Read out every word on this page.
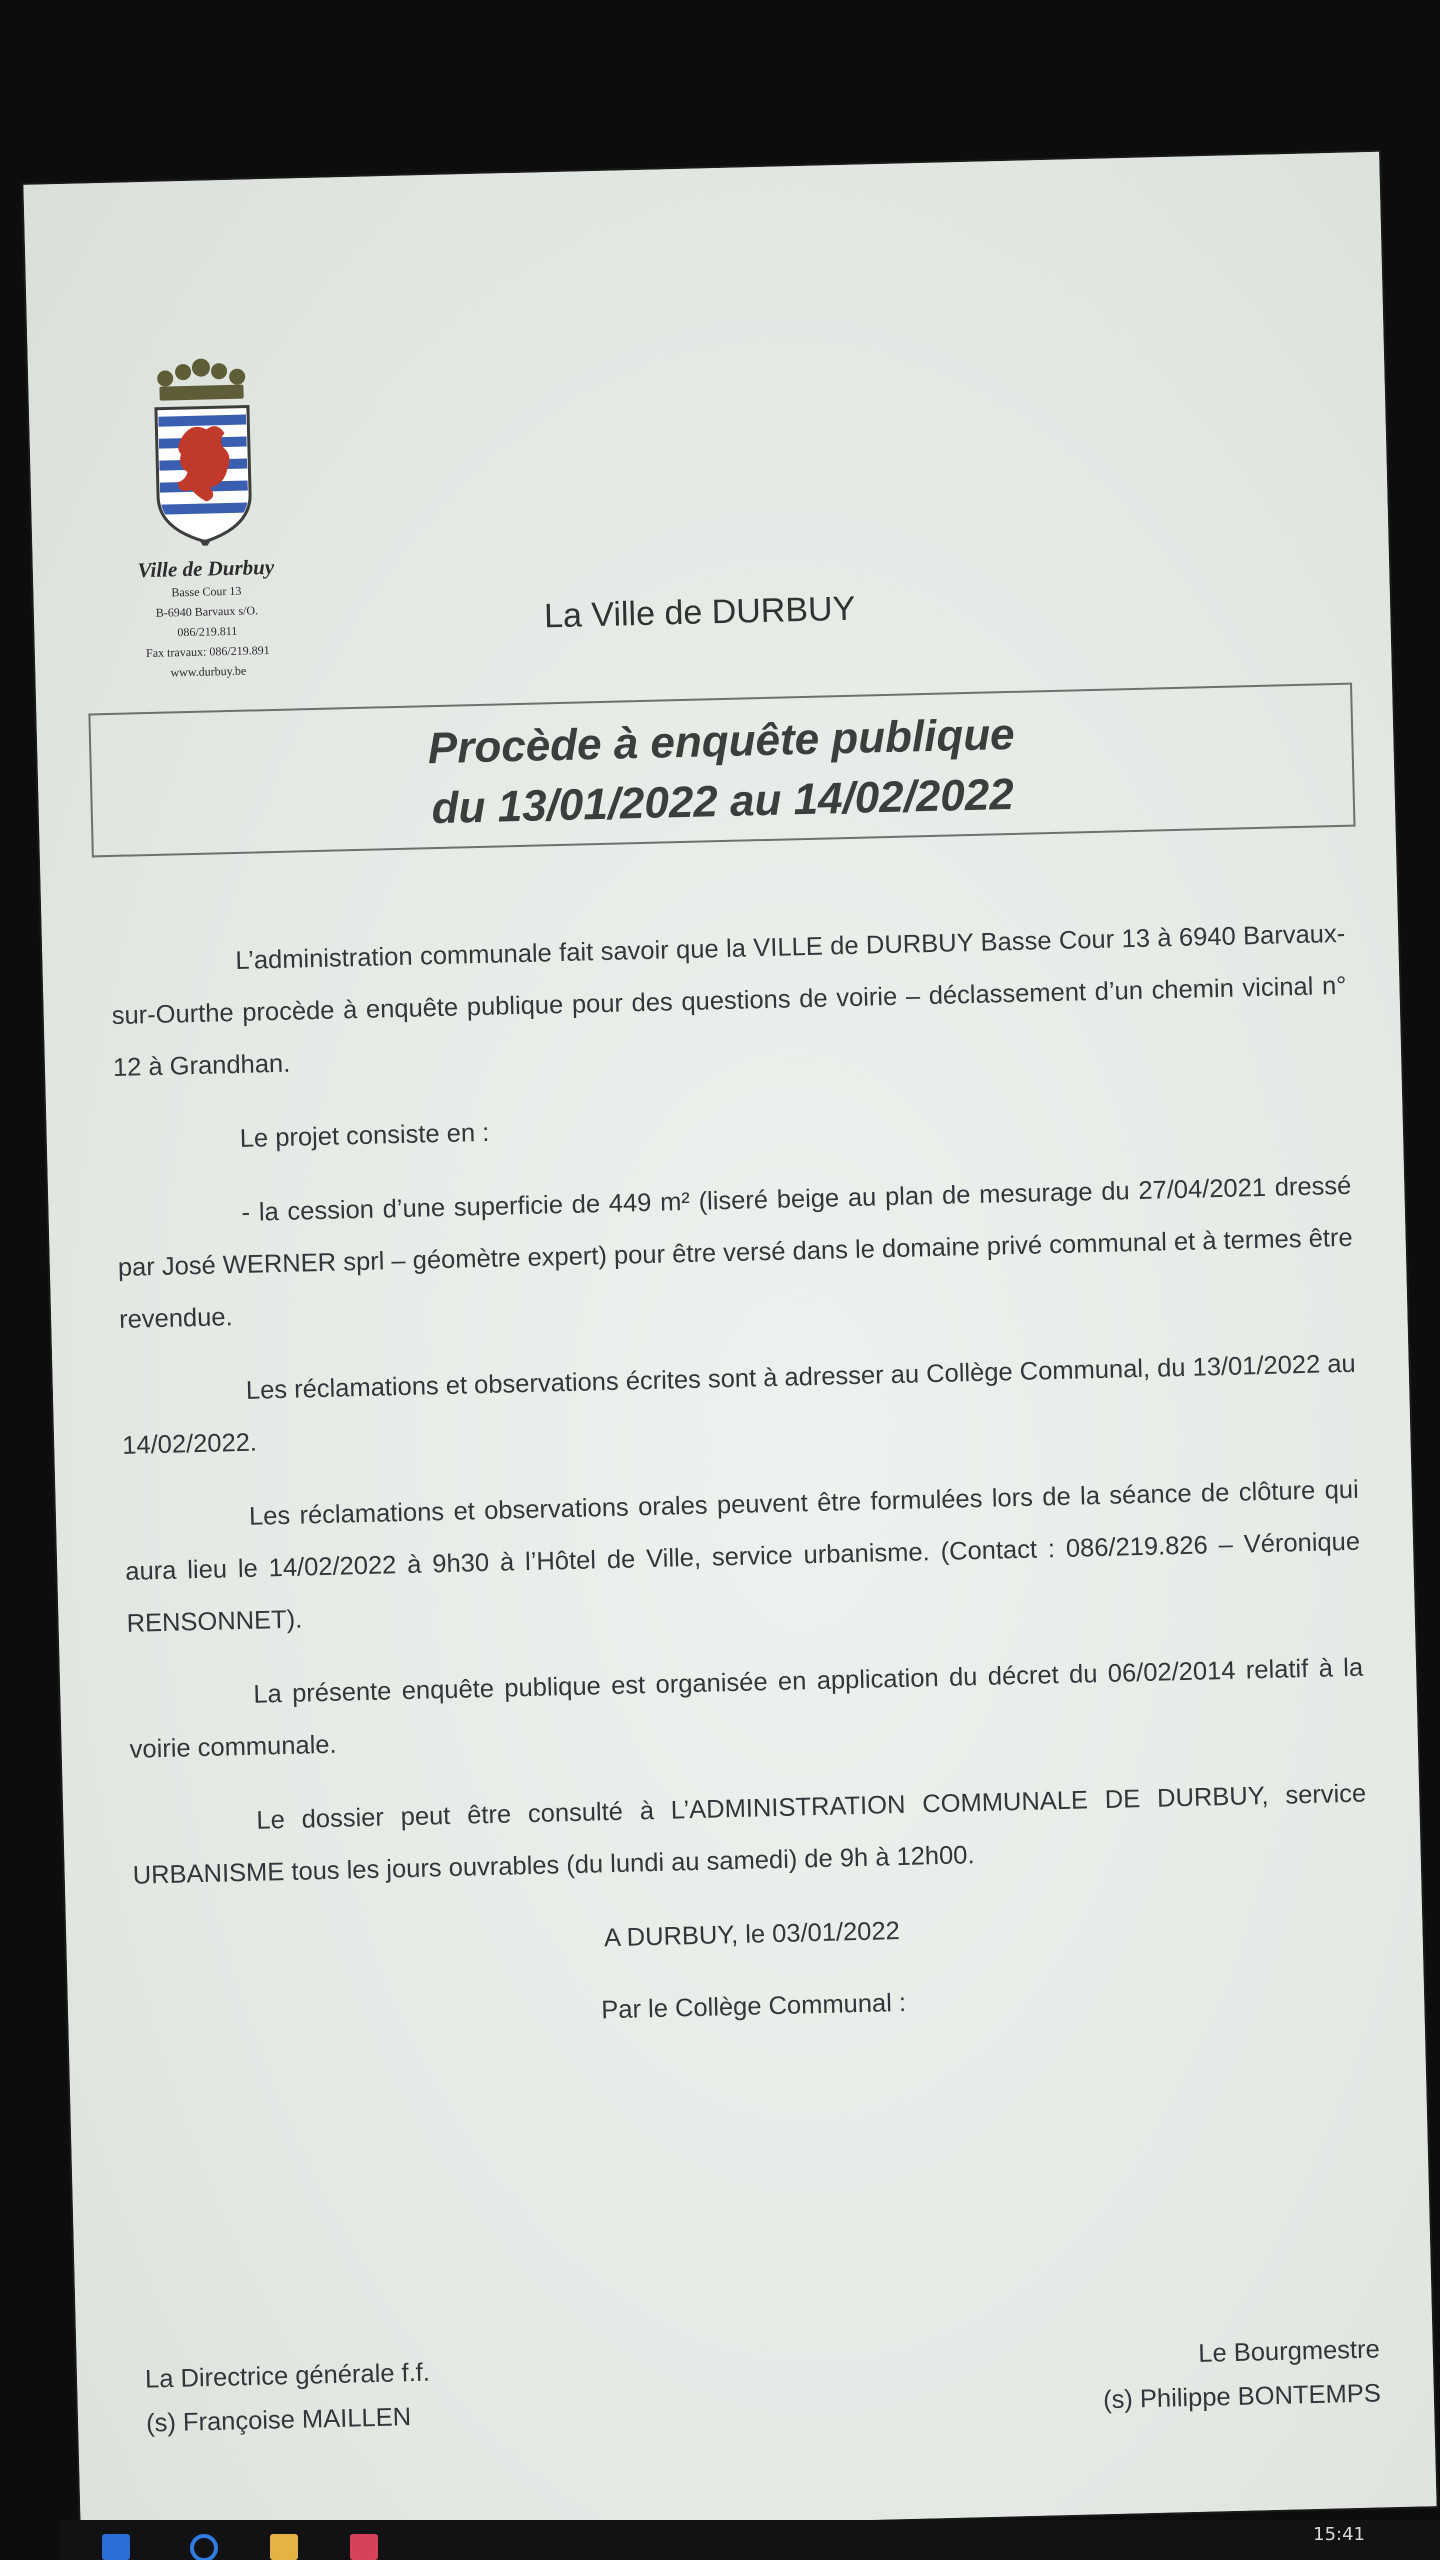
Ville de Durbuy
Basse Cour 13
B-6940 Barvaux s/O.
086/219.811
Fax travaux: 086/219.891
www.durbuy.be
La Ville de DURBUY
Procède à enquête publique
du 13/01/2022 au 14/02/2022

L’administration communale fait savoir que la VILLE de DURBUY Basse Cour 13 à 6940 Barvaux-sur-Ourthe procède à enquête publique pour des questions de voirie – déclassement d’un chemin vicinal n° 12 à Grandhan.

Le projet consiste en :

- la cession d’une superficie de 449 m² (liseré beige au plan de mesurage du 27/04/2021 dressé par José WERNER sprl – géomètre expert) pour être versé dans le domaine privé communal et à termes être revendue.

Les réclamations et observations écrites sont à adresser au Collège Communal, du 13/01/2022 au 14/02/2022.

Les réclamations et observations orales peuvent être formulées lors de la séance de clôture qui aura lieu le 14/02/2022 à 9h30 à l’Hôtel de Ville, service urbanisme. (Contact : 086/219.826 – Véronique RENSONNET).

La présente enquête publique est organisée en application du décret du 06/02/2014 relatif à la voirie communale.

Le dossier peut être consulté à L’ADMINISTRATION COMMUNALE DE DURBUY, service URBANISME tous les jours ouvrables (du lundi au samedi) de 9h à 12h00.

A DURBUY, le 03/01/2022

Par le Collège Communal :

La Directrice générale f.f.
(s) Françoise MAILLEN
Le Bourgmestre
(s) Philippe BONTEMPS
15:41
